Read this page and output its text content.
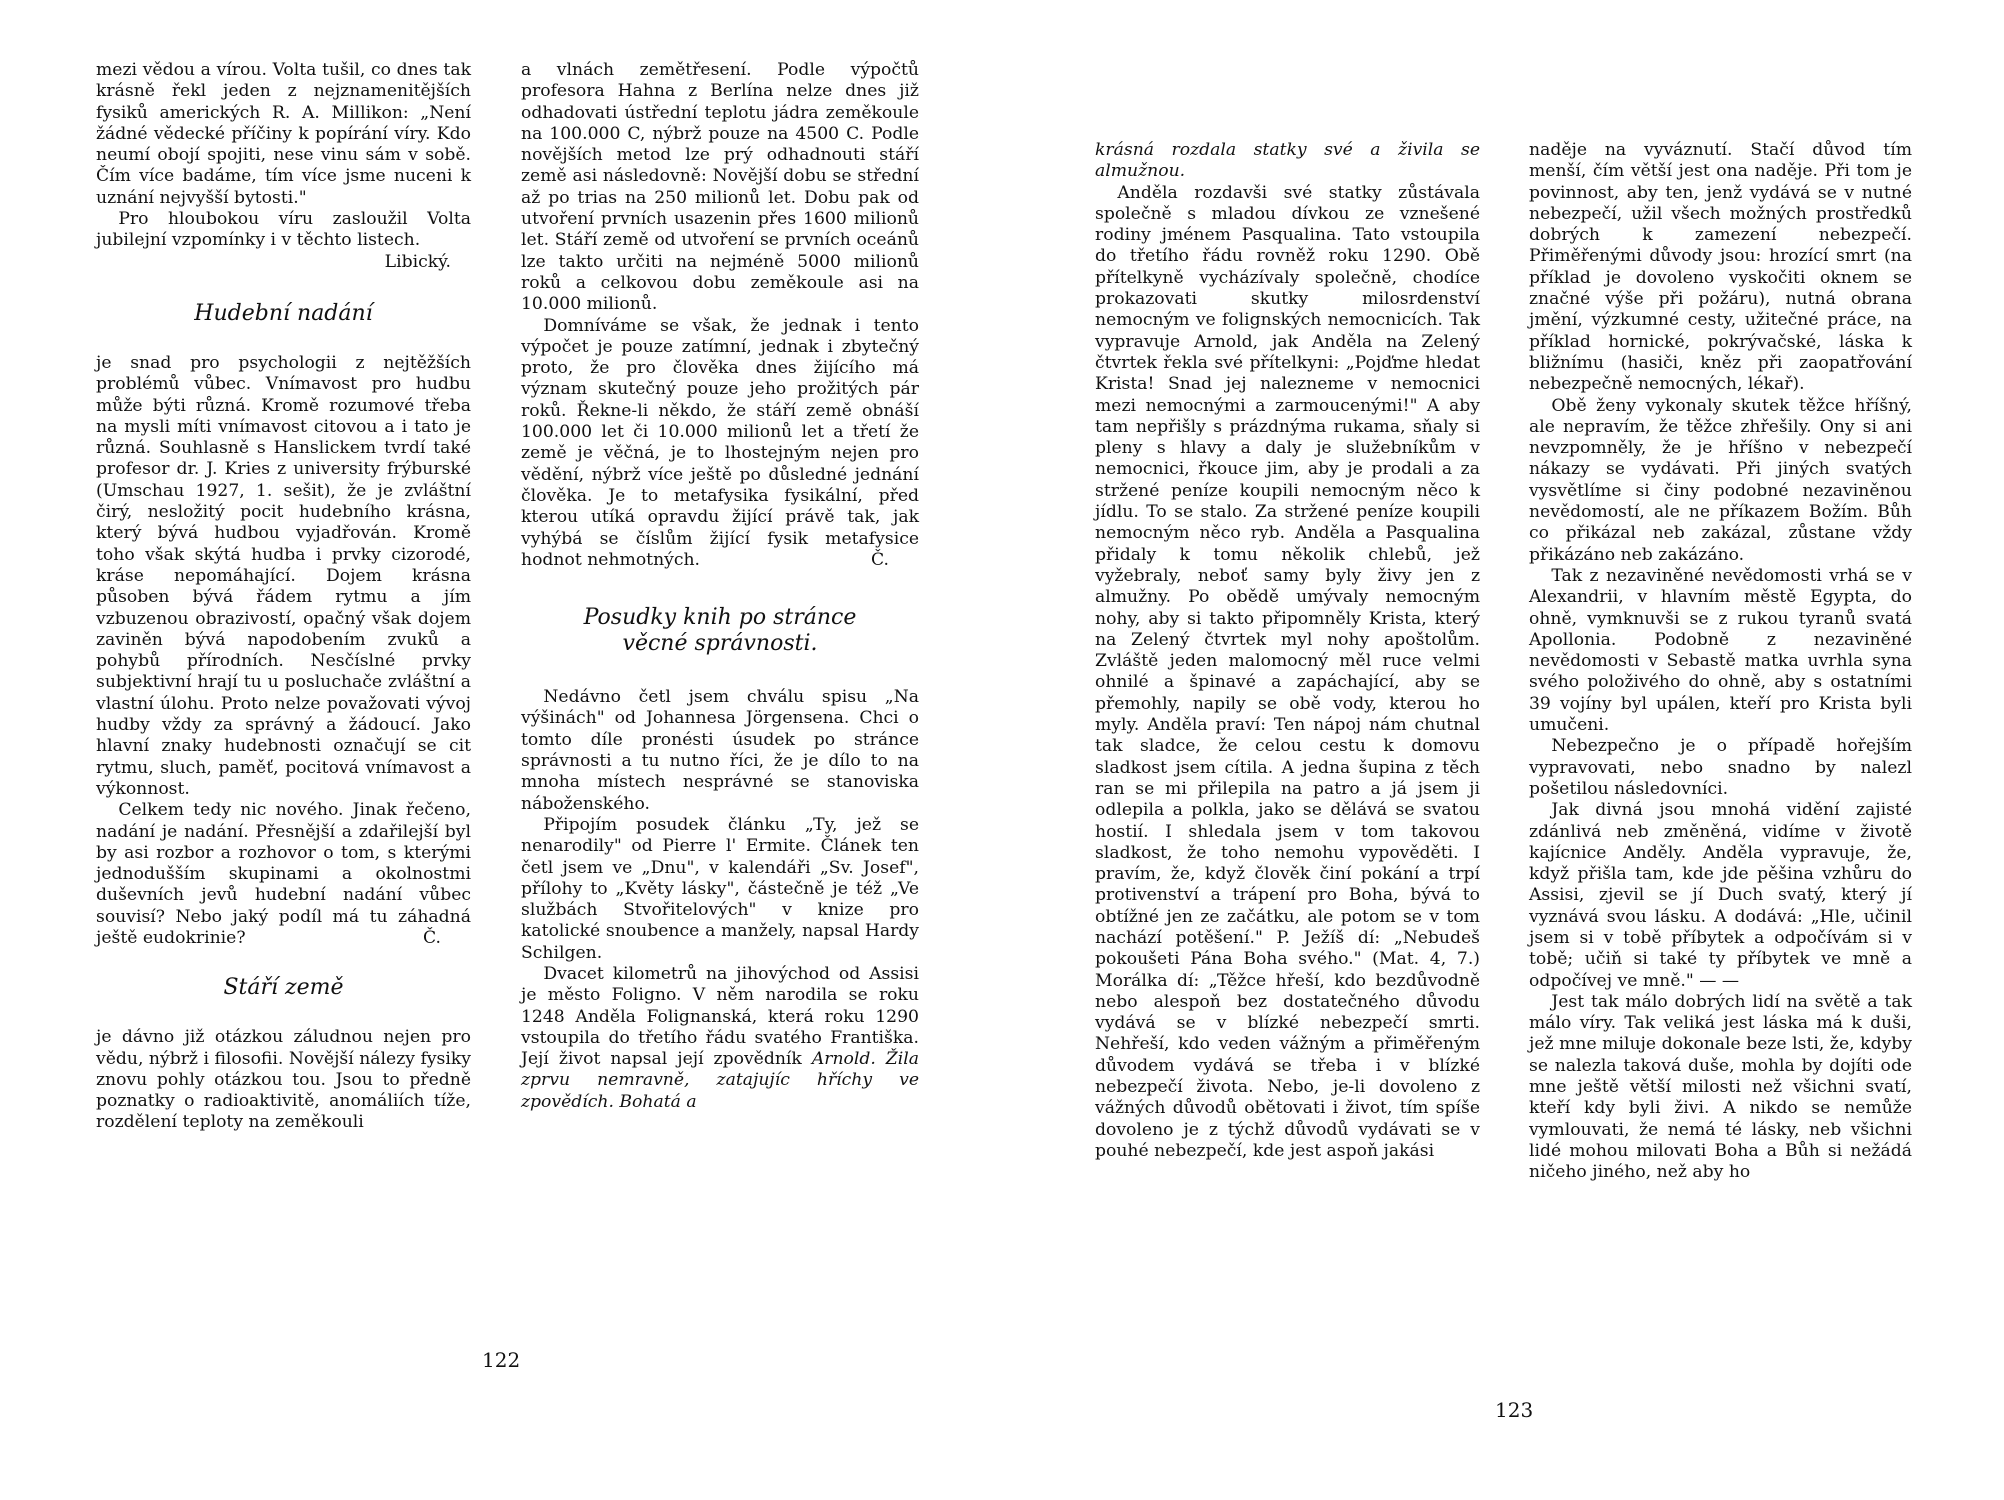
mezi vědou a vírou. Volta tušil, co dnes tak krásně řekl jeden z nejznamenitějších fysiků amerických R. A. Millikon: „Není žádné vědecké příčiny k popírání víry. Kdo neumí obojí spojiti, nese vinu sám v sobě. Čím více badáme, tím více jsme nuceni k uznání nejvyšší bytosti."

Pro hloubokou víru zasloužil Volta jubilejní vzpomínky i v těchto listech.

Libický.

Hudební nadání

je snad pro psychologii z nejtěžších problémů vůbec. Vnímavost pro hudbu může býti různá. Kromě rozumové třeba na mysli míti vnímavost citovou a i tato je různá. Souhlasně s Hanslickem tvrdí také profesor dr. J. Kries z university frýburské (Umschau 1927, 1. sešit), že je zvláštní čirý, nesložitý pocit hudebního krásna, který bývá hudbou vyjadřován. Kromě toho však skýtá hudba i prvky cizorodé, kráse nepomáhající. Dojem krásna působen bývá řádem rytmu a jím vzbuzenou obrazivostí, opačný však dojem zaviněn bývá napodobením zvuků a pohybů přírodních. Nesčíslné prvky subjektivní hrají tu u posluchače zvláštní a vlastní úlohu. Proto nelze považovati vývoj hudby vždy za správný a žádoucí. Jako hlavní znaky hudebnosti označují se cit rytmu, sluch, paměť, pocitová vnímavost a výkonnost.

Celkem tedy nic nového. Jinak řečeno, nadání je nadání. Přesnější a zdařilejší byl by asi rozbor a rozhovor o tom, s kterými jednodušším skupinami a okolnostmi duševních jevů hudební nadání vůbec souvisí? Nebo jaký podíl má tu záhadná ještě eudokrinie?	Č.

Stáří země

je dávno již otázkou záludnou nejen pro vědu, nýbrž i filosofii. Novější nálezy fysiky znovu pohly otázkou tou. Jsou to předně poznatky o radioaktivitě, anomáliích tíže, rozdělení teploty na zeměkouli

a vlnách zemětřesení. Podle výpočtů profesora Hahna z Berlína nelze dnes již odhadovati ústřední teplotu jádra zeměkoule na 100.000 C, nýbrž pouze na 4500 C. Podle novějších metod lze prý odhadnouti stáří země asi následovně: Novější dobu se střední až po trias na 250 milionů let. Dobu pak od utvoření prvních usazenin přes 1600 milionů let. Stáří země od utvoření se prvních oceánů lze takto určiti na nejméně 5000 milionů roků a celkovou dobu zeměkoule asi na 10.000 milionů.

Domníváme se však, že jednak i tento výpočet je pouze zatímní, jednak i zbytečný proto, že pro člověka dnes žijícího má význam skutečný pouze jeho prožitých pár roků. Řekne-li někdo, že stáří země obnáší 100.000 let či 10.000 milionů let a třetí že země je věčná, je to lhostejným nejen pro vědění, nýbrž více ještě po důsledné jednání člověka. Je to metafysika fysikální, před kterou utíká opravdu žijící právě tak, jak vyhýbá se číslům žijící fysik metafysice hodnot nehmotných.	Č.

Posudky knih po stránce věcné správnosti.

Nedávno četl jsem chválu spisu „Na výšinách" od Johannesa Jörgensena. Chci o tomto díle pronésti úsudek po stránce správnosti a tu nutno říci, že je dílo to na mnoha místech nesprávné se stanoviska náboženského.

Připojím posudek článku „Ty, jež se nenarodily" od Pierre l' Ermite. Článek ten četl jsem ve „Dnu", v kalendáři „Sv. Josef", přílohy to „Květy lásky", částečně je též „Ve službách Stvořitelových" v knize pro katolické snoubence a manžely, napsal Hardy Schilgen.

Dvacet kilometrů na jihovýchod od Assisi je město Foligno. V něm narodila se roku 1248 Anděla Folignanská, která roku 1290 vstoupila do třetího řádu svatého Františka. Její život napsal její zpovědník Arnold. Žila zprvu nemravně, zatajujíc hříchy ve zpovědích. Bohatá a

122

krásná rozdala statky své a živila se almužnou.

Anděla rozdavši své statky zůstávala společně s mladou dívkou ze vznešené rodiny jménem Pasqualina. Tato vstoupila do třetího řádu rovněž roku 1290. Obě přítelkyně vycházívaly společně, chodíce prokazovati skutky milosrdenství nemocným ve folignských nemocnicích. Tak vypravuje Arnold, jak Anděla na Zelený čtvrtek řekla své přítelkyni: „Pojďme hledat Krista! Snad jej nalezneme v nemocnici mezi nemocnými a zarmoucenými!" A aby tam nepřišly s prázdnýma rukama, sňaly si pleny s hlavy a daly je služebníkům v nemocnici, řkouce jim, aby je prodali a za stržené peníze koupili nemocným něco k jídlu. To se stalo. Za stržené peníze koupili nemocným něco ryb. Anděla a Pasqualina přidaly k tomu několik chlebů, jež vyžebraly, neboť samy byly živy jen z almužny. Po obědě umývaly nemocným nohy, aby si takto připomněly Krista, který na Zelený čtvrtek myl nohy apoštolům. Zvláště jeden malomocný měl ruce velmi ohnilé a špinavé a zapáchající, aby se přemohly, napily se obě vody, kterou ho myly. Anděla praví: Ten nápoj nám chutnal tak sladce, že celou cestu k domovu sladkost jsem cítila. A jedna šupina z těch ran se mi přilepila na patro a já jsem ji odlepila a polkla, jako se dělává se svatou hostií. I shledala jsem v tom takovou sladkost, že toho nemohu vypověděti. I pravím, že, když člověk činí pokání a trpí protivenství a trápení pro Boha, bývá to obtížné jen ze začátku, ale potom se v tom nachází potěšení." P. Ježíš dí: „Nebudeš pokoušeti Pána Boha svého." (Mat. 4, 7.) Morálka dí: „Těžce hřeší, kdo bezdůvodně nebo alespoň bez dostatečného důvodu vydává se v blízké nebezpečí smrti. Nehřeší, kdo veden vážným a přiměřeným důvodem vydává se třeba i v blízké nebezpečí života. Nebo, je-li dovoleno z vážných důvodů obětovati i život, tím spíše dovoleno je z týchž důvodů vydávati se v pouhé nebezpečí, kde jest aspoň jakási

naděje na vyváznutí. Stačí důvod tím menší, čím větší jest ona naděje. Při tom je povinnost, aby ten, jenž vydává se v nutné nebezpečí, užil všech možných prostředků dobrých k zamezení nebezpečí. Přiměřenými důvody jsou: hrozící smrt (na příklad je dovoleno vyskočiti oknem se značné výše při požáru), nutná obrana jmění, výzkumné cesty, užitečné práce, na příklad hornické, pokrývačské, láska k bližnímu (hasiči, kněz při zaopatřování nebezpečně nemocných, lékař).

Obě ženy vykonaly skutek těžce hříšný, ale nepravím, že těžce zhřešily. Ony si ani nevzpomněly, že je hříšno v nebezpečí nákazy se vydávati. Při jiných svatých vysvětlíme si činy podobné nezaviněnou nevědomostí, ale ne příkazem Božím. Bůh co přikázal neb zakázal, zůstane vždy přikázáno neb zakázáno.

Tak z nezaviněné nevědomosti vrhá se v Alexandrii, v hlavním městě Egypta, do ohně, vymknuvši se z rukou tyranů svatá Apollonia. Podobně z nezaviněné nevědomosti v Sebastě matka uvrhla syna svého položivého do ohně, aby s ostatními 39 vojíny byl upálen, kteří pro Krista byli umučeni.

Nebezpečno je o případě hořejším vypravovati, nebo snadno by nalezl pošetilou následovníci.

Jak divná jsou mnohá vidění zajisté zdánlivá neb změněná, vidíme v životě kajícnice Anděly. Anděla vypravuje, že, když přišla tam, kde jde pěšina vzhůru do Assisi, zjevil se jí Duch svatý, který jí vyznává svou lásku. A dodává: „Hle, učinil jsem si v tobě příbytek a odpočívám si v tobě; učiň si také ty příbytek ve mně a odpočívej ve mně." — —

Jest tak málo dobrých lidí na světě a tak málo víry. Tak veliká jest láska má k duši, jež mne miluje dokonale beze lsti, že, kdyby se nalezla taková duše, mohla by dojíti ode mne ještě větší milosti než všichni svatí, kteří kdy byli živi. A nikdo se nemůže vymlouvati, že nemá té lásky, neb všichni lidé mohou milovati Boha a Bůh si nežádá ničeho jiného, než aby ho

123
